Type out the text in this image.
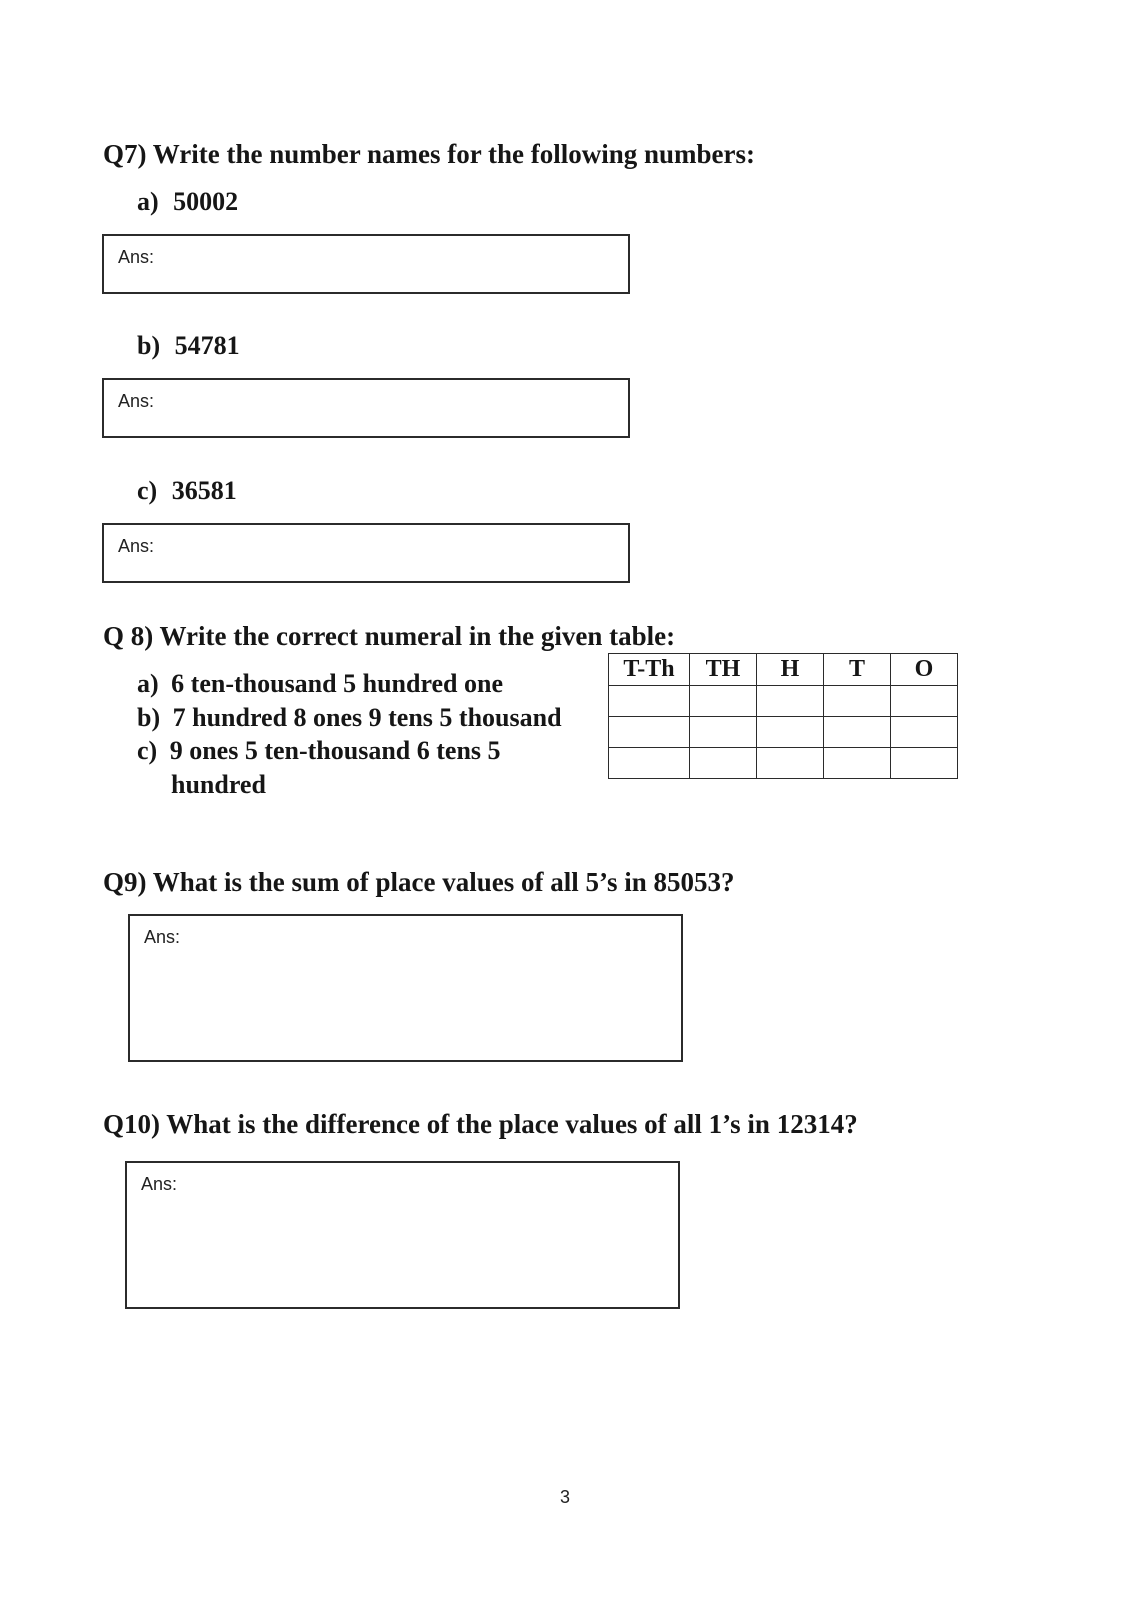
Q7) Write the number names for the following numbers:
a) 50002
Ans:
b) 54781
Ans:
c) 36581
Ans:
Q 8) Write the correct numeral in the given table:
a) 6 ten-thousand 5 hundred one
b) 7 hundred 8 ones 9 tens 5 thousand
c) 9 ones 5 ten-thousand 6 tens 5
hundred
T-Th	TH	H	T	O

Q9) What is the sum of place values of all 5’s in 85053?
Ans:
Q10) What is the difference of the place values of all 1’s in 12314?
Ans:
3
